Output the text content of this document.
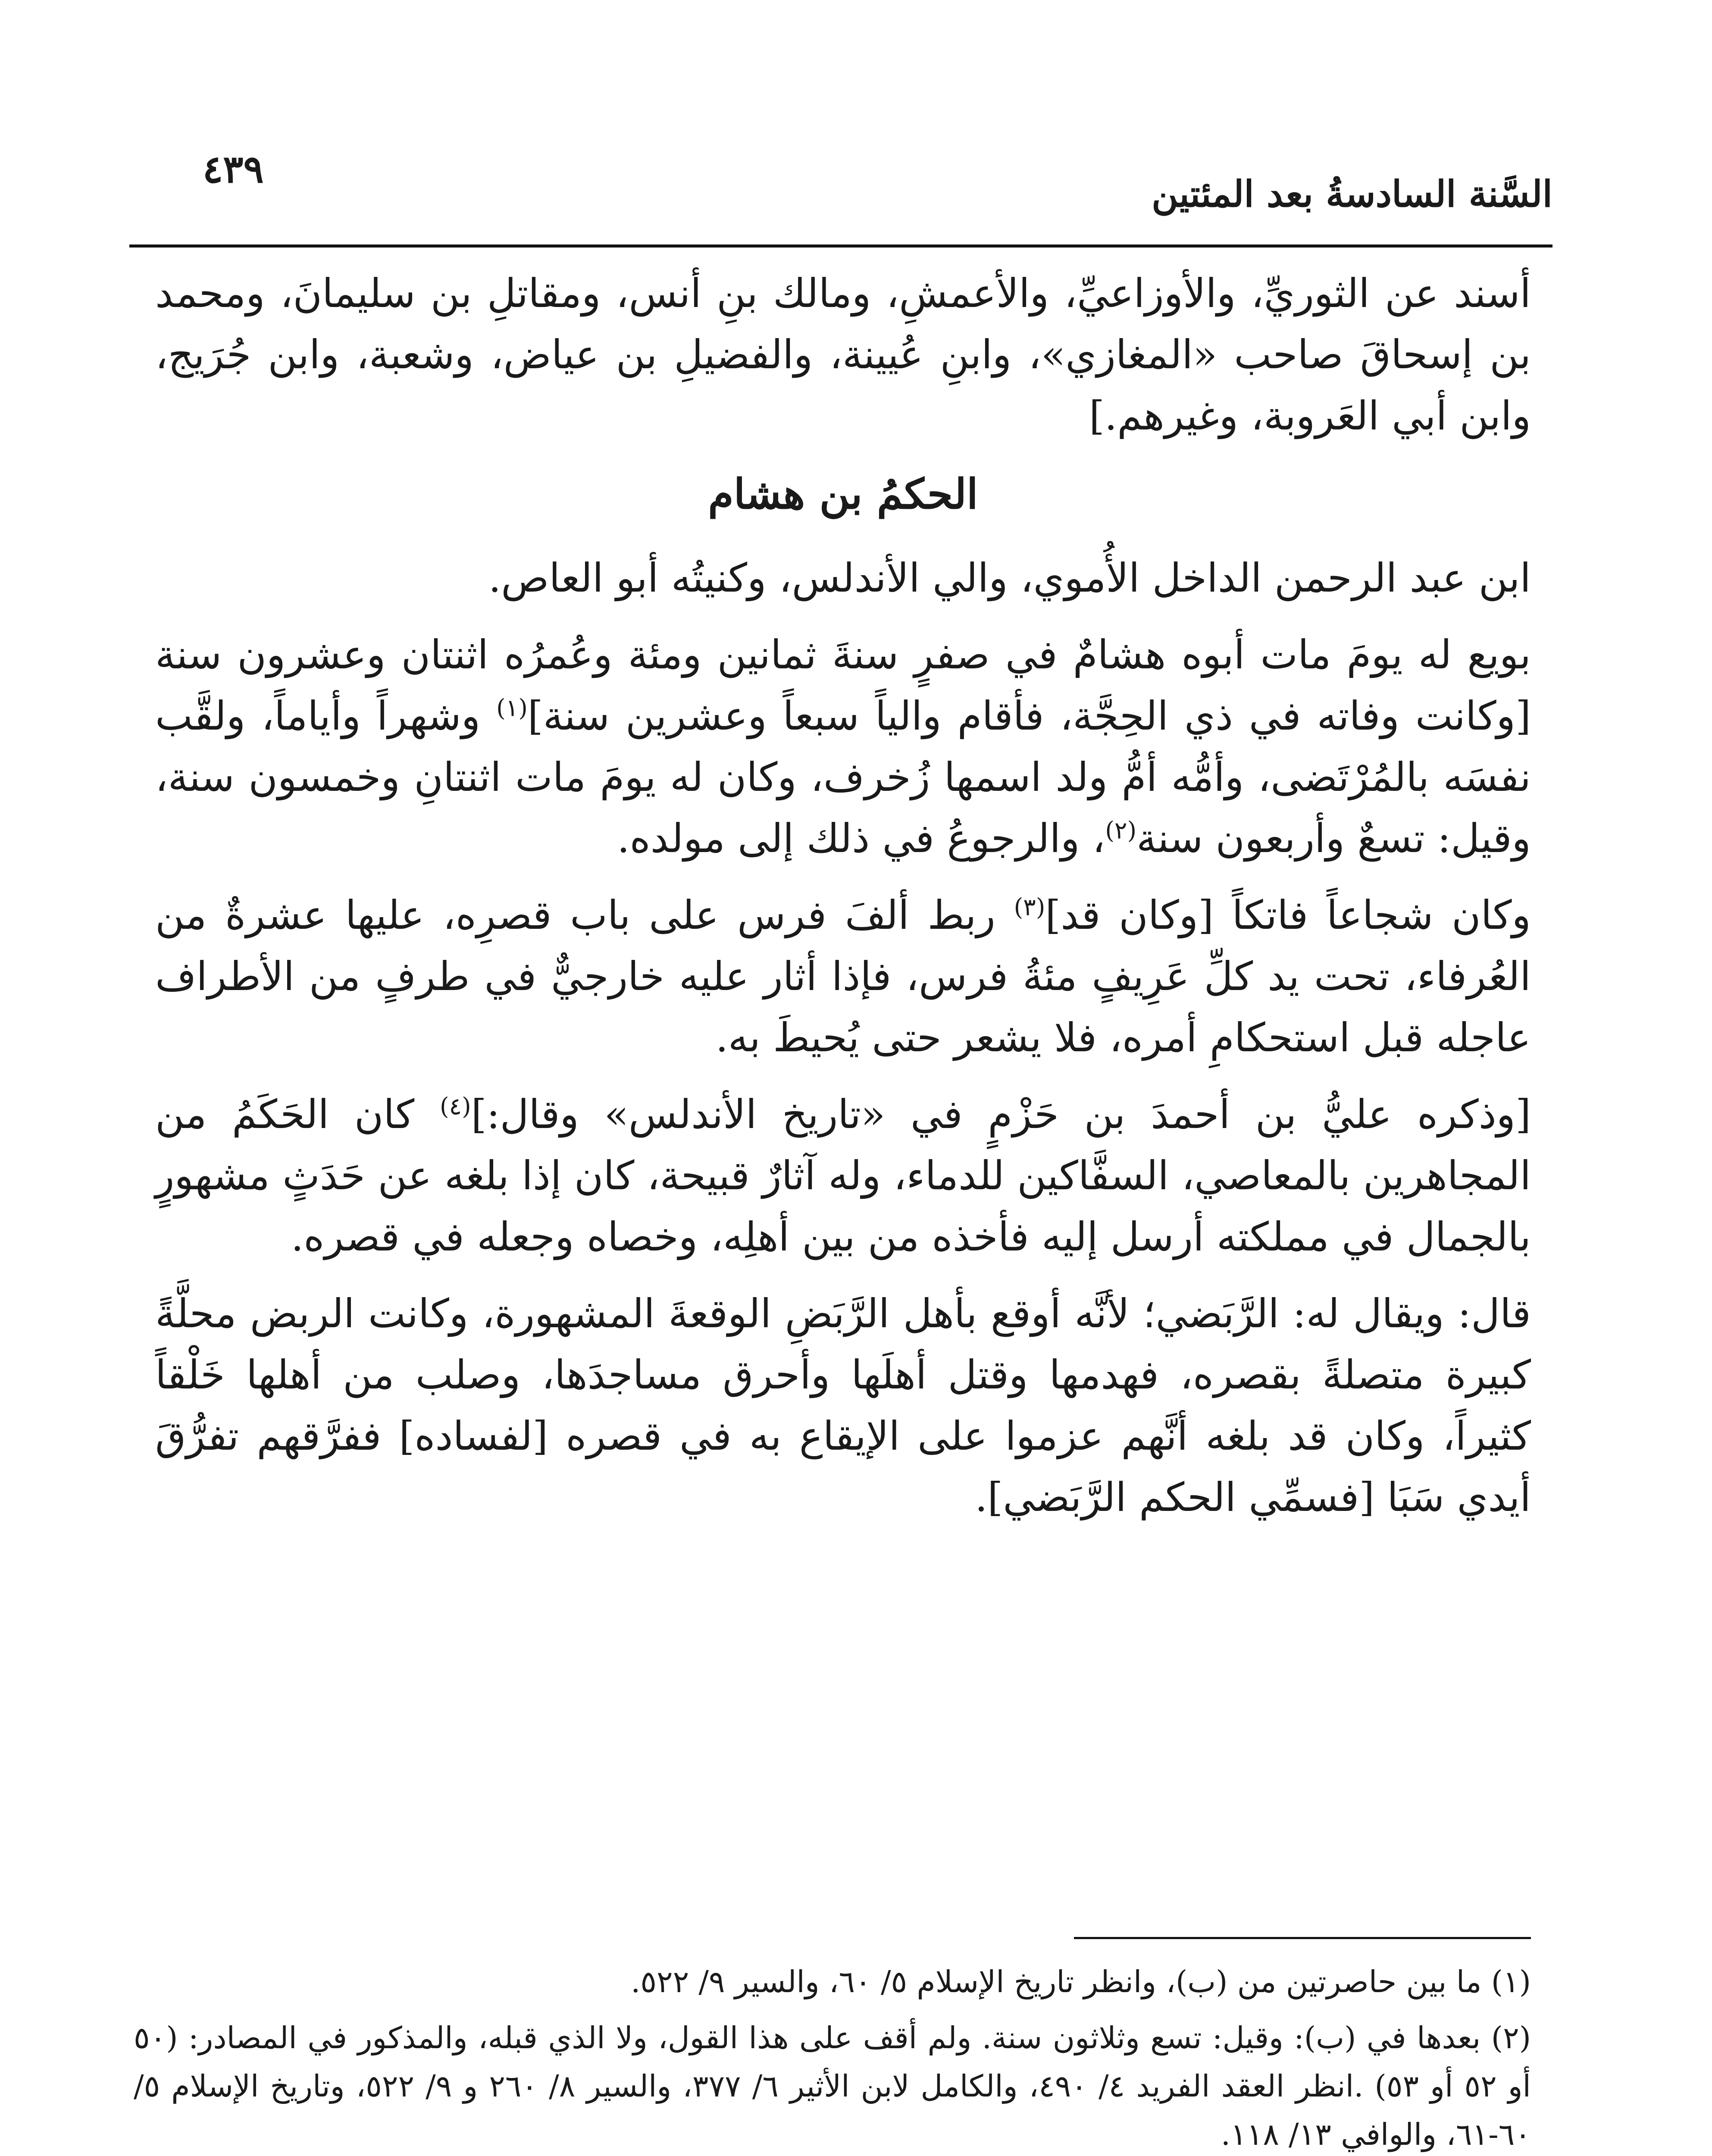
السَّنة السادسةُ بعد المئتين
٤٣٩

أسند عن الثوريِّ، والأوزاعيِّ، والأعمشِ، ومالك بنِ أنس، ومقاتلِ بن سليمانَ، ومحمد بن إسحاقَ صاحب «المغازي»، وابنِ عُيينة، والفضيلِ بن عياض، وشعبة، وابن جُرَيج، وابن أبي العَروبة، وغيرهم.]

الحكمُ بن هشام

ابن عبد الرحمن الداخل الأُموي، والي الأندلس، وكنيتُه أبو العاص.

بويع له يومَ مات أبوه هشامٌ في صفرٍ سنةَ ثمانين ومئة وعُمرُه اثنتان وعشرون سنة [وكانت وفاته في ذي الحِجَّة، فأقام والياً سبعاً وعشرين سنة]$^{(١)}$ وشهراً وأياماً، ولقَّب نفسَه بالمُرْتَضى، وأمُّه أمُّ ولد اسمها زُخرف، وكان له يومَ مات اثنتانِ وخمسون سنة، وقيل: تسعٌ وأربعون سنة$^{(٢)}$، والرجوعُ في ذلك إلى مولده.

وكان شجاعاً فاتكاً [وكان قد]$^{(٣)}$ ربط ألفَ فرس على باب قصرِه، عليها عشرةٌ من العُرفاء، تحت يد كلِّ عَرِيفٍ مئةُ فرس، فإذا أثار عليه خارجيٌّ في طرفٍ من الأطراف عاجله قبل استحكامِ أمره، فلا يشعر حتى يُحيطَ به.

[وذكره عليُّ بن أحمدَ بن حَزْمٍ في «تاريخ الأندلس» وقال:]$^{(٤)}$ كان الحَكَمُ من المجاهرين بالمعاصي، السفَّاكين للدماء، وله آثارٌ قبيحة، كان إذا بلغه عن حَدَثٍ مشهورٍ بالجمال في مملكته أرسل إليه فأخذه من بين أهلِه، وخصاه وجعله في قصره.

قال: ويقال له: الرَّبَضي؛ لأنَّه أوقع بأهل الرَّبَضِ الوقعةَ المشهورة، وكانت الربض محلَّةً كبيرة متصلةً بقصره، فهدمها وقتل أهلَها وأحرق مساجدَها، وصلب من أهلها خَلْقاً كثيراً، وكان قد بلغه أنَّهم عزموا على الإيقاع به في قصره [لفساده] ففرَّقهم تفرُّقَ أيدي سَبَا [فسمِّي الحكم الرَّبَضي].

(١) ما بين حاصرتين من (ب)، وانظر تاريخ الإسلام ٥/ ٦٠، والسير ٩/ ٥٢٢.

(٢) بعدها في (ب): وقيل: تسع وثلاثون سنة. ولم أقف على هذا القول، ولا الذي قبله، والمذكور في المصادر: (٥٠ أو ٥٢ أو ٥٣) .انظر العقد الفريد ٤/ ٤٩٠، والكامل لابن الأثير ٦/ ٣٧٧، والسير ٨/ ٢٦٠ و ٩/ ٥٢٢، وتاريخ الإسلام ٥/ ٦٠-٦١، والوافي ١٣/ ١١٨.
